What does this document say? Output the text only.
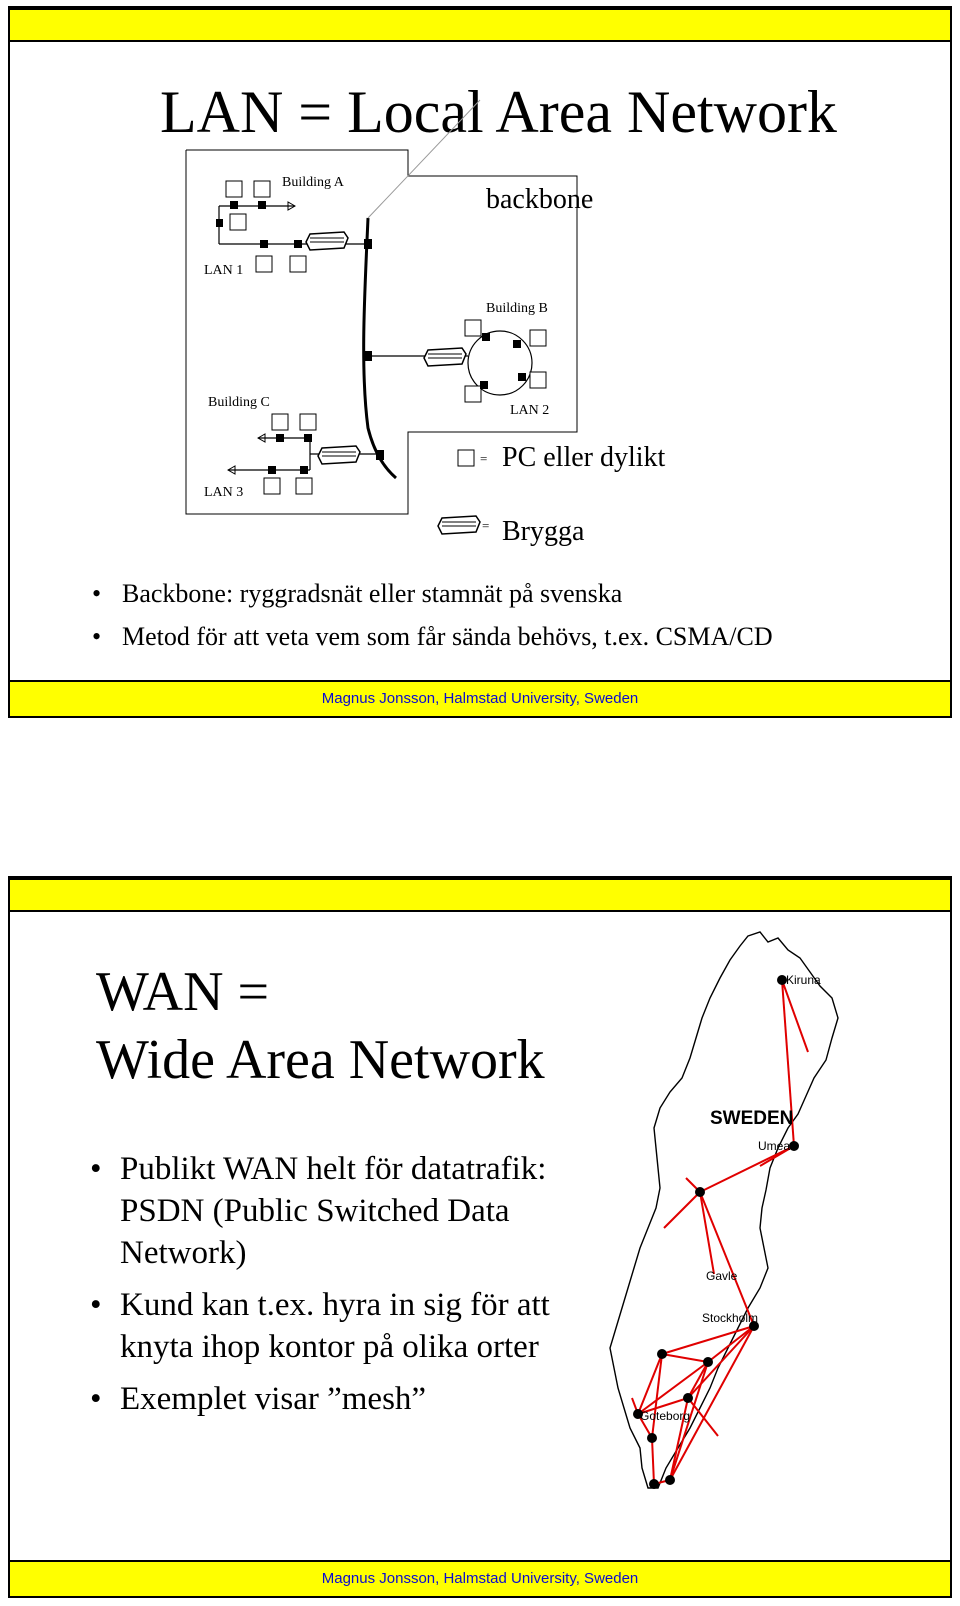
LAN = Local Area Network
Building A
LAN 1
Building B
LAN 2
Building C
LAN 3
=
=
backbone
PC eller dylikt
Brygga
• Backbone: ryggradsnät eller stamnät på svenska
• Metod för att veta vem som får sända behövs, t.ex. CSMA/CD
Magnus Jonsson, Halmstad University, Sweden
Magnus Jonsson, Halmstad University, Sweden
WAN =
Wide Area Network
• Publikt WAN helt för datatrafik:
PSDN (Public Switched Data
Network)
• Kund kan t.ex. hyra in sig för att
knyta ihop kontor på olika orter
• Exemplet visar ”mesh”
Kiruna
SWEDEN
Umea
Gavle
Stockholm
Goteborg
